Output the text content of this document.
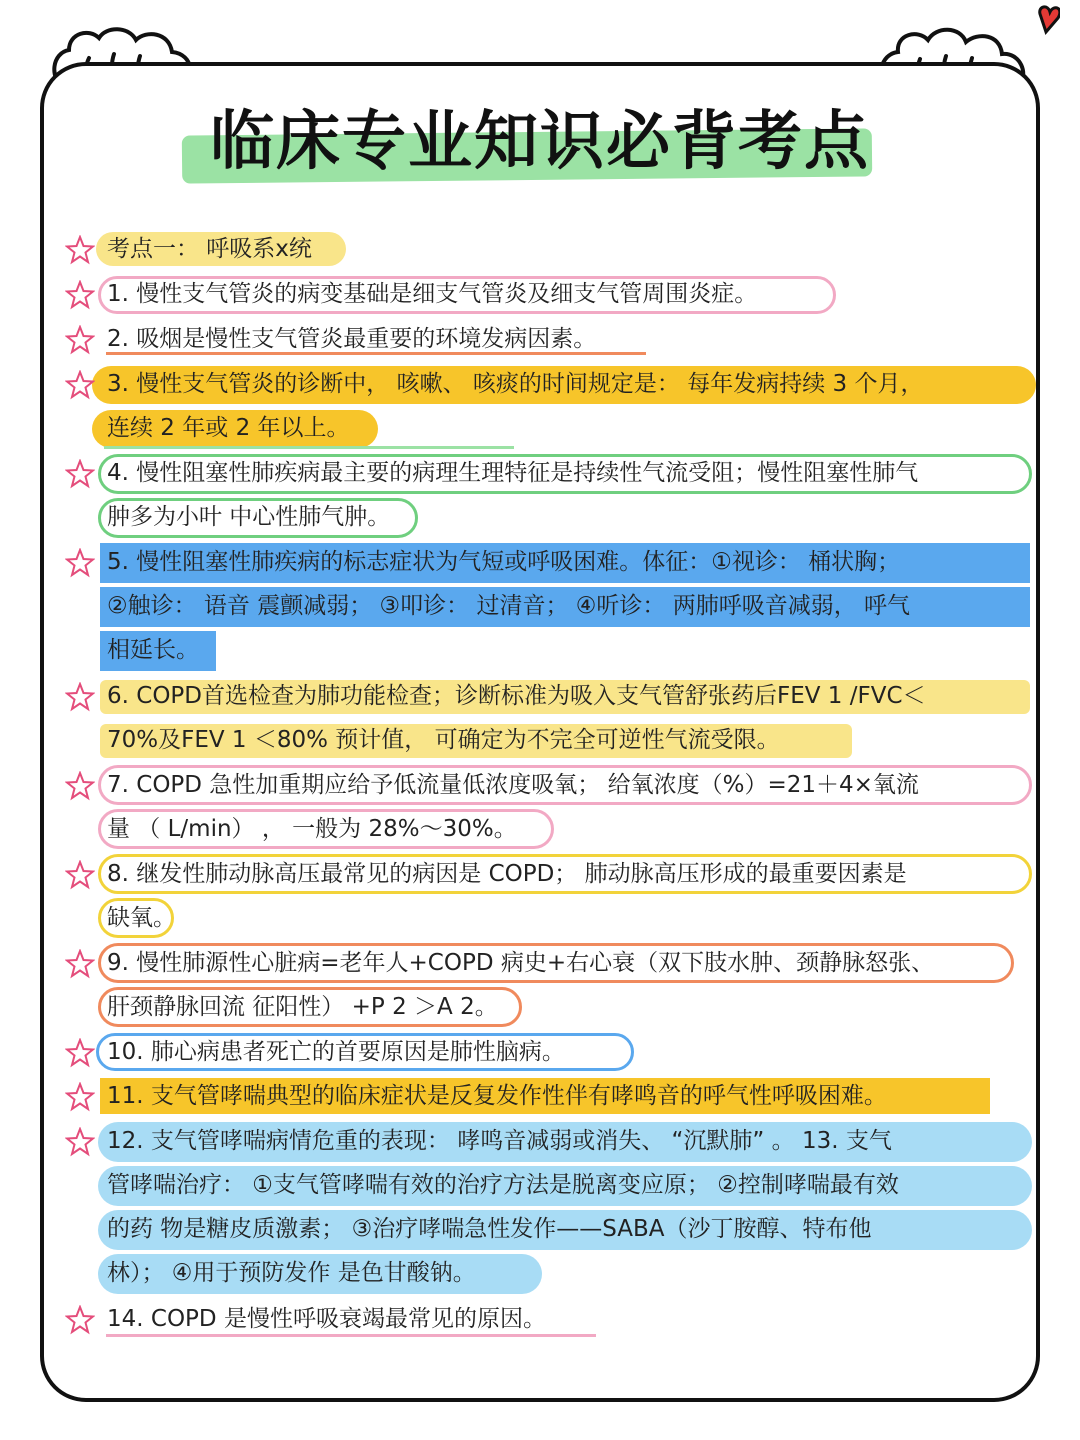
临床专业知识必背考点
考点一： 呼吸系x统
1. 慢性支气管炎的病变基础是细支气管炎及细支气管周围炎症。
2. 吸烟是慢性支气管炎最重要的环境发病因素。
3. 慢性支气管炎的诊断中， 咳嗽、 咳痰的时间规定是： 每年发病持续 3 个月，
连续 2 年或 2 年以上。
4. 慢性阻塞性肺疾病最主要的病理生理特征是持续性气流受阻；慢性阻塞性肺气
肿多为小叶 中心性肺气肿。
5. 慢性阻塞性肺疾病的标志症状为气短或呼吸困难。体征：①视诊： 桶状胸；
②触诊： 语音 震颤减弱； ③叩诊： 过清音； ④听诊： 两肺呼吸音减弱， 呼气
相延长。
6. COPD首选检查为肺功能检查；诊断标准为吸入支气管舒张药后FEV 1 /FVC＜
70%及FEV 1 ＜80% 预计值， 可确定为不完全可逆性气流受限。
7. COPD 急性加重期应给予低流量低浓度吸氧； 给氧浓度（%）=21＋4×氧流
量 （ L/min） ， 一般为 28%～30%。
8. 继发性肺动脉高压最常见的病因是 COPD； 肺动脉高压形成的最重要因素是
缺氧。
9. 慢性肺源性心脏病=老年人+COPD 病史+右心衰（双下肢水肿、颈静脉怒张、
肝颈静脉回流 征阳性） +P 2 ＞A 2。
10. 肺心病患者死亡的首要原因是肺性脑病。
11. 支气管哮喘典型的临床症状是反复发作性伴有哮鸣音的呼气性呼吸困难。
12. 支气管哮喘病情危重的表现： 哮鸣音减弱或消失、 “沉默肺” 。 13. 支气
管哮喘治疗： ①支气管哮喘有效的治疗方法是脱离变应原； ②控制哮喘最有效
的药 物是糖皮质激素； ③治疗哮喘急性发作——SABA（沙丁胺醇、特布他
林）； ④用于预防发作 是色甘酸钠。
14. COPD 是慢性呼吸衰竭最常见的原因。
